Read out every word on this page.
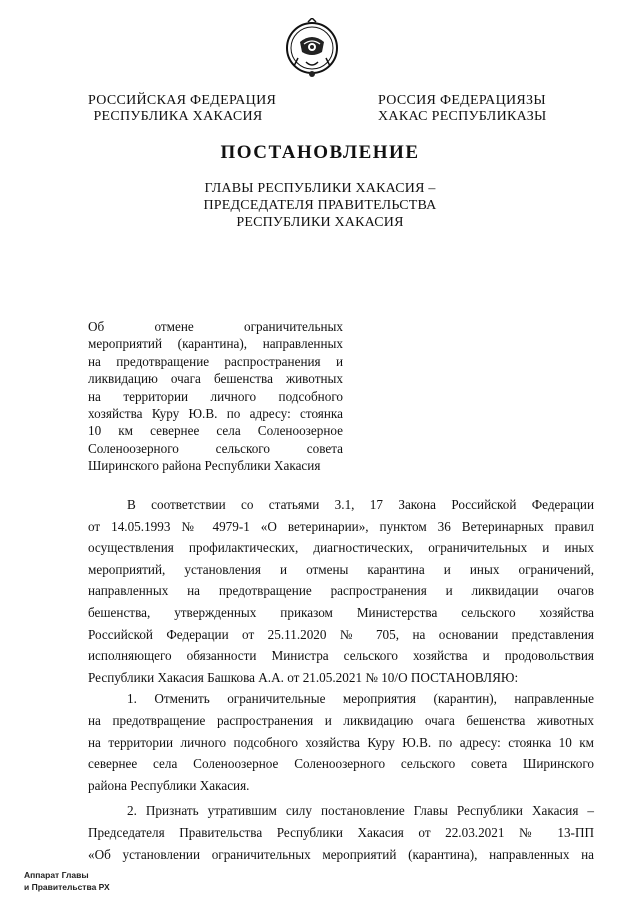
РОССИЙСКАЯ ФЕДЕРАЦИЯ
РЕСПУБЛИКА ХАКАСИЯ
РОССИЯ ФЕДЕРАЦИЯЗЫ
ХАКАС РЕСПУБЛИКАЗЫ
ПОСТАНОВЛЕНИЕ
ГЛАВЫ РЕСПУБЛИКИ ХАКАСИЯ –
ПРЕДСЕДАТЕЛЯ ПРАВИТЕЛЬСТВА
РЕСПУБЛИКИ ХАКАСИЯ
Об отмене ограничительных
мероприятий (карантина), направленных
на предотвращение распространения и
ликвидацию очага бешенства животных
на территории личного подсобного
хозяйства Куру Ю.В. по адресу: стоянка
10 км севернее села Соленоозерное
Соленоозерного сельского совета
Ширинского района Республики Хакасия
В соответствии со статьями 3.1, 17 Закона Российской Федерации
от 14.05.1993 № 4979-1 «О ветеринарии», пунктом 36 Ветеринарных правил
осуществления профилактических, диагностических, ограничительных и иных
мероприятий, установления и отмены карантина и иных ограничений,
направленных на предотвращение распространения и ликвидации очагов
бешенства, утвержденных приказом Министерства сельского хозяйства
Российской Федерации от 25.11.2020 № 705, на основании представления
исполняющего обязанности Министра сельского хозяйства и продовольствия
Республики Хакасия Башкова А.А. от 21.05.2021 № 10/О ПОСТАНОВЛЯЮ:
1. Отменить ограничительные мероприятия (карантин), направленные
на предотвращение распространения и ликвидацию очага бешенства животных
на территории личного подсобного хозяйства Куру Ю.В. по адресу: стоянка 10 км
севернее села Соленоозерное Соленоозерного сельского совета Ширинского
района Республики Хакасия.
2. Признать утратившим силу постановление Главы Республики Хакасия –
Председателя Правительства Республики Хакасия от 22.03.2021 № 13-ПП
«Об установлении ограничительных мероприятий (карантина), направленных на
Аппарат Главы
и Правительства РХ
